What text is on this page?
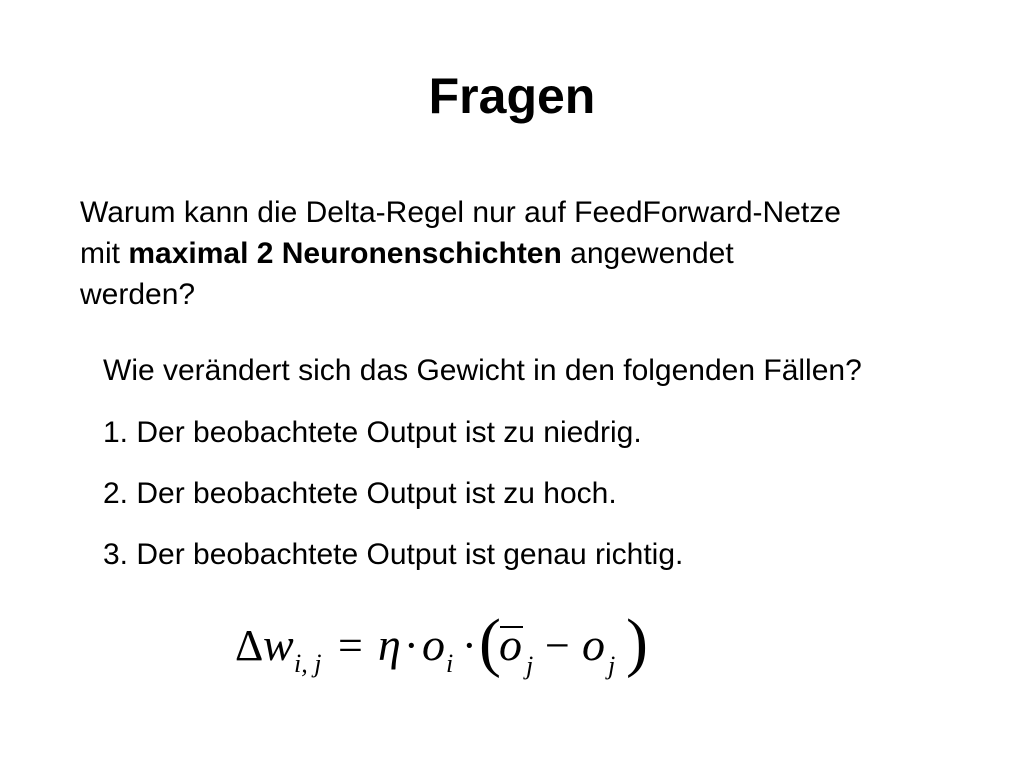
Fragen
Warum kann die Delta-Regel nur auf FeedForward-Netze
mit maximal 2 Neuronenschichten angewendet
werden?
Wie verändert sich das Gewicht in den folgenden Fällen?
1. Der beobachtete Output ist zu niedrig.
2. Der beobachtete Output ist zu hoch.
3. Der beobachtete Output ist genau richtig.
Δ w i, j = η · o i · (
o j − o j )
